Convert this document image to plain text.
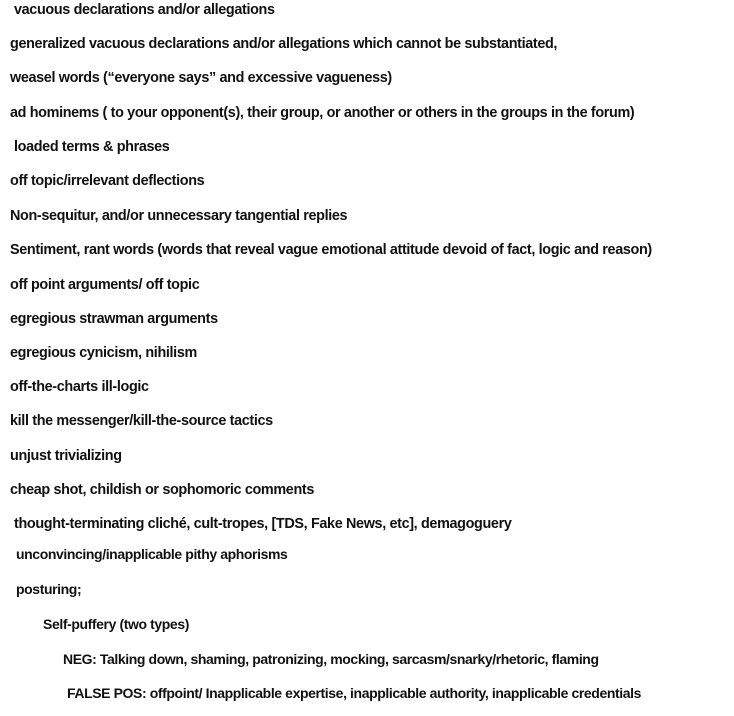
vacuous declarations and/or allegations
generalized vacuous declarations and/or allegations which cannot be substantiated,
weasel words (“everyone says” and excessive vagueness)
ad hominems ( to your opponent(s), their group, or another or others in the groups in the forum)
loaded terms & phrases
off topic/irrelevant deflections
Non-sequitur, and/or unnecessary tangential replies
Sentiment, rant words (words that reveal vague emotional attitude devoid of fact, logic and reason)
off point arguments/ off topic
egregious strawman arguments
egregious cynicism, nihilism
off-the-charts ill-logic
kill the messenger/kill-the-source tactics
unjust trivializing
cheap shot, childish or sophomoric comments
thought-terminating cliché, cult-tropes, [TDS, Fake News, etc], demagoguery
unconvincing/inapplicable pithy aphorisms
posturing;
Self-puffery (two types)
NEG: Talking down, shaming, patronizing, mocking, sarcasm/snarky/rhetoric, flaming
FALSE POS: offpoint/ Inapplicable expertise, inapplicable authority, inapplicable credentials
